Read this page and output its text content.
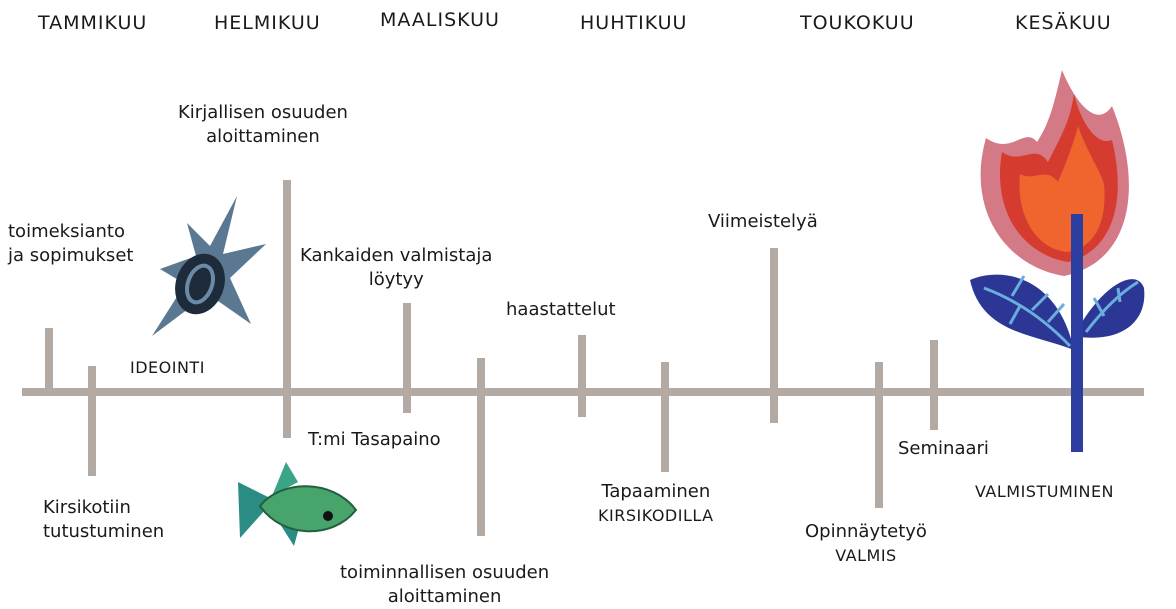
TAMMIKUU	HELMIKUU	MAALISKUU	HUHTIKUU	TOUKOKUU	KESÄKUU
toimeksianto
ja sopimukset
Kirsikotiin
tutustuminen
IDEOINTI
Kirjallisen osuuden
aloittaminen
T:mi Tasapaino
Kankaiden valmistaja
löytyy
toiminnallisen osuuden
aloittaminen
haastattelut
Tapaaminen
KIRSIKODILLA
Viimeistelyä
Opinnäytetyö
VALMIS
Seminaari
VALMISTUMINEN
